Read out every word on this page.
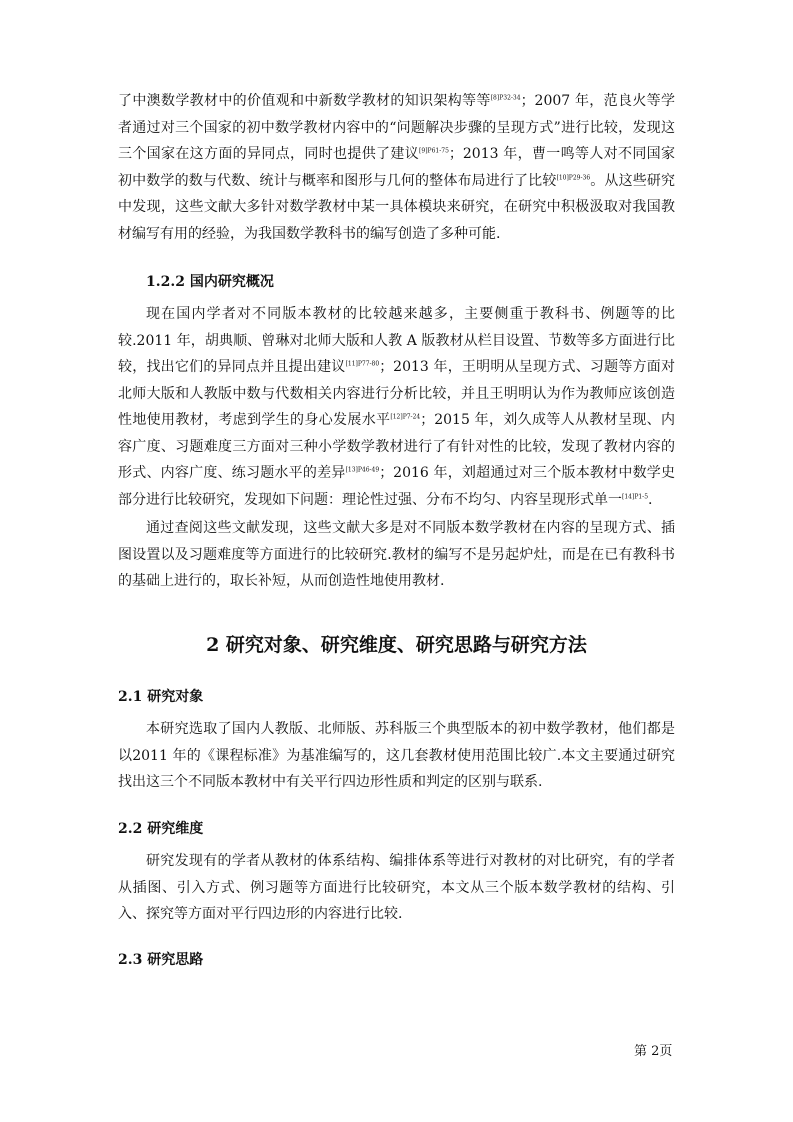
了中澳数学教材中的价值观和中新数学教材的知识架构等等$^{[8]P32-34}$；2007 年，范良火等学者通过对三个国家的初中数学教材内容中的“问题解决步骤的呈现方式”进行比较，发现这三个国家在这方面的异同点，同时也提供了建议$^{[9]P61-75}$；2013 年，曹一鸣等人对不同国家初中数学的数与代数、统计与概率和图形与几何的整体布局进行了比较$^{[10]P29-36}$。从这些研究中发现，这些文献大多针对数学教材中某一具体模块来研究，在研究中积极汲取对我国教材编写有用的经验，为我国数学教科书的编写创造了多种可能.

1.2.2 国内研究概况

现在国内学者对不同版本教材的比较越来越多，主要侧重于教科书、例题等的比较.2011 年，胡典顺、曾琳对北师大版和人教 A 版教材从栏目设置、节数等多方面进行比较，找出它们的异同点并且提出建议$^{[11]P77-80}$；2013 年，王明明从呈现方式、习题等方面对北师大版和人教版中数与代数相关内容进行分析比较，并且王明明认为作为教师应该创造性地使用教材，考虑到学生的身心发展水平$^{[12]P7-24}$；2015 年，刘久成等人从教材呈现、内容广度、习题难度三方面对三种小学数学教材进行了有针对性的比较，发现了教材内容的形式、内容广度、练习题水平的差异$^{[13]P46-49}$；2016 年，刘超通过对三个版本教材中数学史部分进行比较研究，发现如下问题：理论性过强、分布不均匀、内容呈现形式单一$^{[14]P1-5}$.

通过查阅这些文献发现，这些文献大多是对不同版本数学教材在内容的呈现方式、插图设置以及习题难度等方面进行的比较研究.教材的编写不是另起炉灶，而是在已有教科书的基础上进行的，取长补短，从而创造性地使用教材.

2 研究对象、研究维度、研究思路与研究方法

2.1 研究对象

本研究选取了国内人教版、北师版、苏科版三个典型版本的初中数学教材，他们都是以2011 年的《课程标准》为基准编写的，这几套教材使用范围比较广.本文主要通过研究找出这三个不同版本教材中有关平行四边形性质和判定的区别与联系.

2.2 研究维度

研究发现有的学者从教材的体系结构、编排体系等进行对教材的对比研究，有的学者从插图、引入方式、例习题等方面进行比较研究，本文从三个版本数学教材的结构、引入、探究等方面对平行四边形的内容进行比较.

2.3 研究思路

第 2页
